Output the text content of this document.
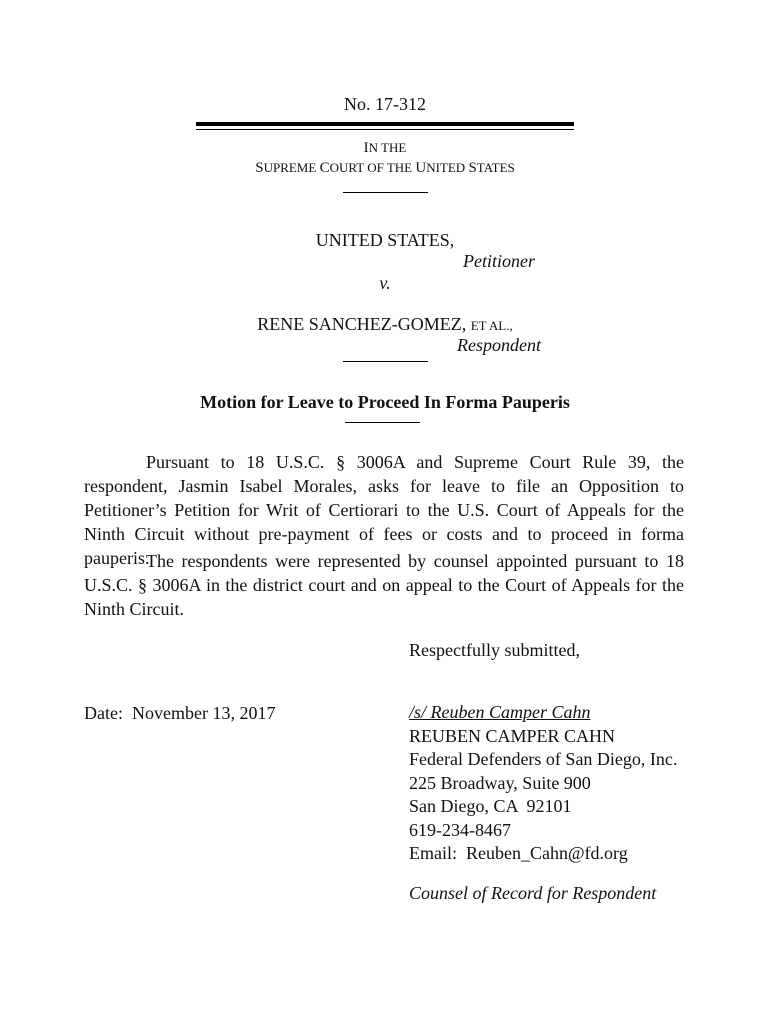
No. 17-312
IN THE
SUPREME COURT OF THE UNITED STATES
UNITED STATES,
Petitioner
v.
RENE SANCHEZ-GOMEZ, ET AL.,
Respondent
Motion for Leave to Proceed In Forma Pauperis
Pursuant to 18 U.S.C. § 3006A and Supreme Court Rule 39, the respondent, Jasmin Isabel Morales, asks for leave to file an Opposition to Petitioner’s Petition for Writ of Certiorari to the U.S. Court of Appeals for the Ninth Circuit without pre-payment of fees or costs and to proceed in forma pauperis.
The respondents were represented by counsel appointed pursuant to 18 U.S.C. § 3006A in the district court and on appeal to the Court of Appeals for the Ninth Circuit.
Respectfully submitted,
Date: November 13, 2017	/s/ Reuben Camper Cahn
REUBEN CAMPER CAHN
Federal Defenders of San Diego, Inc.
225 Broadway, Suite 900
San Diego, CA  92101
619-234-8467
Email:  Reuben_Cahn@fd.org
Counsel of Record for Respondent
